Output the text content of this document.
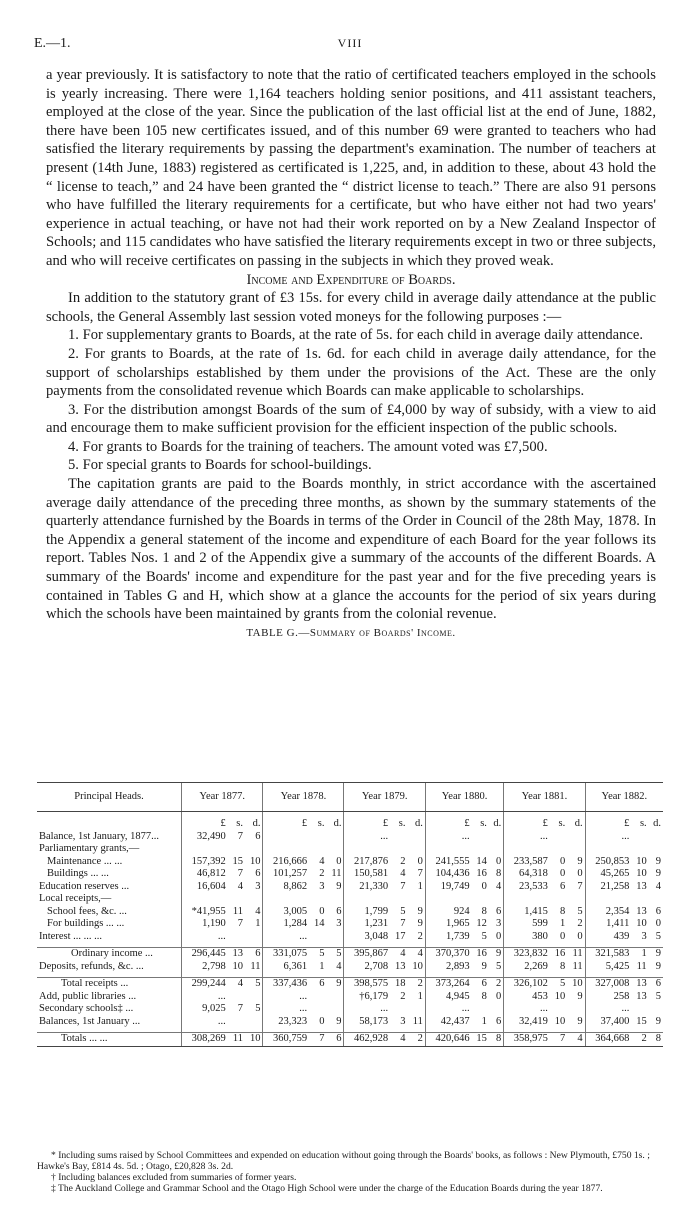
E.—1.	VIII

a year previously. It is satisfactory to note that the ratio of certificated teachers employed in the schools is yearly increasing. There were 1,164 teachers holding senior positions, and 411 assistant teachers, employed at the close of the year. Since the publication of the last official list at the end of June, 1882, there have been 105 new certificates issued, and of this number 69 were granted to teachers who had satisfied the literary requirements by passing the department's examination. The number of teachers at present (14th June, 1883) registered as certificated is 1,225, and, in addition to these, about 43 hold the “ license to teach,” and 24 have been granted the “ district license to teach.” There are also 91 persons who have fulfilled the literary requirements for a certificate, but who have either not had two years' experience in actual teaching, or have not had their work reported on by a New Zealand Inspector of Schools; and 115 candidates who have satisfied the literary requirements except in two or three subjects, and who will receive certificates on passing in the subjects in which they proved weak.

Income and Expenditure of Boards.

In addition to the statutory grant of £3 15s. for every child in average daily attendance at the public schools, the General Assembly last session voted moneys for the following purposes :—

1. For supplementary grants to Boards, at the rate of 5s. for each child in average daily attendance.

2. For grants to Boards, at the rate of 1s. 6d. for each child in average daily attendance, for the support of scholarships established by them under the provisions of the Act. These are the only payments from the consolidated revenue which Boards can make applicable to scholarships.

3. For the distribution amongst Boards of the sum of £4,000 by way of subsidy, with a view to aid and encourage them to make sufficient provision for the efficient inspection of the public schools.

4. For grants to Boards for the training of teachers. The amount voted was £7,500.

5. For special grants to Boards for school-buildings.

The capitation grants are paid to the Boards monthly, in strict accordance with the ascertained average daily attendance of the preceding three months, as shown by the summary statements of the quarterly attendance furnished by the Boards in terms of the Order in Council of the 28th May, 1878. In the Appendix a general statement of the income and expenditure of each Board for the year follows its report. Tables Nos. 1 and 2 of the Appendix give a summary of the accounts of the different Boards. A summary of the Boards' income and expenditure for the past year and for the five preceding years is contained in Tables G and H, which show at a glance the accounts for the period of six years during which the schools have been maintained by grants from the colonial revenue.

TABLE G.—Summary of Boards' Income.

Principal Heads.	Year 1877.			Year 1878.			Year 1879.			Year 1880.			Year 1881.			Year 1882.		
	£	s.	d.	£	s.	d.	£	s.	d.	£	s.	d.	£	s.	d.	£	s.	d.
Balance, 1st January, 1877...	32,490	7	6				...			...			...			...		
Parliamentary grants,—																		
Maintenance ... ...	157,392	15	10	216,666	4	0	217,876	2	0	241,555	14	0	233,587	0	9	250,853	10	9
Buildings ... ...	46,812	7	6	101,257	2	11	150,581	4	7	104,436	16	8	64,318	0	0	45,265	10	9
Education reserves ...	16,604	4	3	8,862	3	9	21,330	7	1	19,749	0	4	23,533	6	7	21,258	13	4
Local receipts,—																		
School fees, &c. ...	*41,955	11	4	3,005	0	6	1,799	5	9	924	8	6	1,415	8	5	2,354	13	6
For buildings ... ...	1,190	7	1	1,284	14	3	1,231	7	9	1,965	12	3	599	1	2	1,411	10	0
Interest ... ... ...	...			...			3,048	17	2	1,739	5	0	380	0	0	439	3	5

Ordinary income ...	296,445	13	6	331,075	5	5	395,867	4	4	370,370	16	9	323,832	16	11	321,583	1	9
Deposits, refunds, &c. ...	2,798	10	11	6,361	1	4	2,708	13	10	2,893	9	5	2,269	8	11	5,425	11	9

Total receipts ...	299,244	4	5	337,436	6	9	398,575	18	2	373,264	6	2	326,102	5	10	327,008	13	6
Add, public libraries ...	...			...			†6,179	2	1	4,945	8	0	453	10	9	258	13	5
Secondary schools‡ ...	9,025	7	5	...			...			...			...			...		
Balances, 1st January ...	...			23,323	0	9	58,173	3	11	42,437	1	6	32,419	10	9	37,400	15	9

Totals ... ...	308,269	11	10	360,759	7	6	462,928	4	2	420,646	15	8	358,975	7	4	364,668	2	8

* Including sums raised by School Committees and expended on education without going through the Boards' books, as follows : New Plymouth, £750 1s. ; Hawke's Bay, £814 4s. 5d. ; Otago, £20,828 3s. 2d.

† Including balances excluded from summaries of former years.

‡ The Auckland College and Grammar School and the Otago High School were under the charge of the Education Boards during the year 1877.
